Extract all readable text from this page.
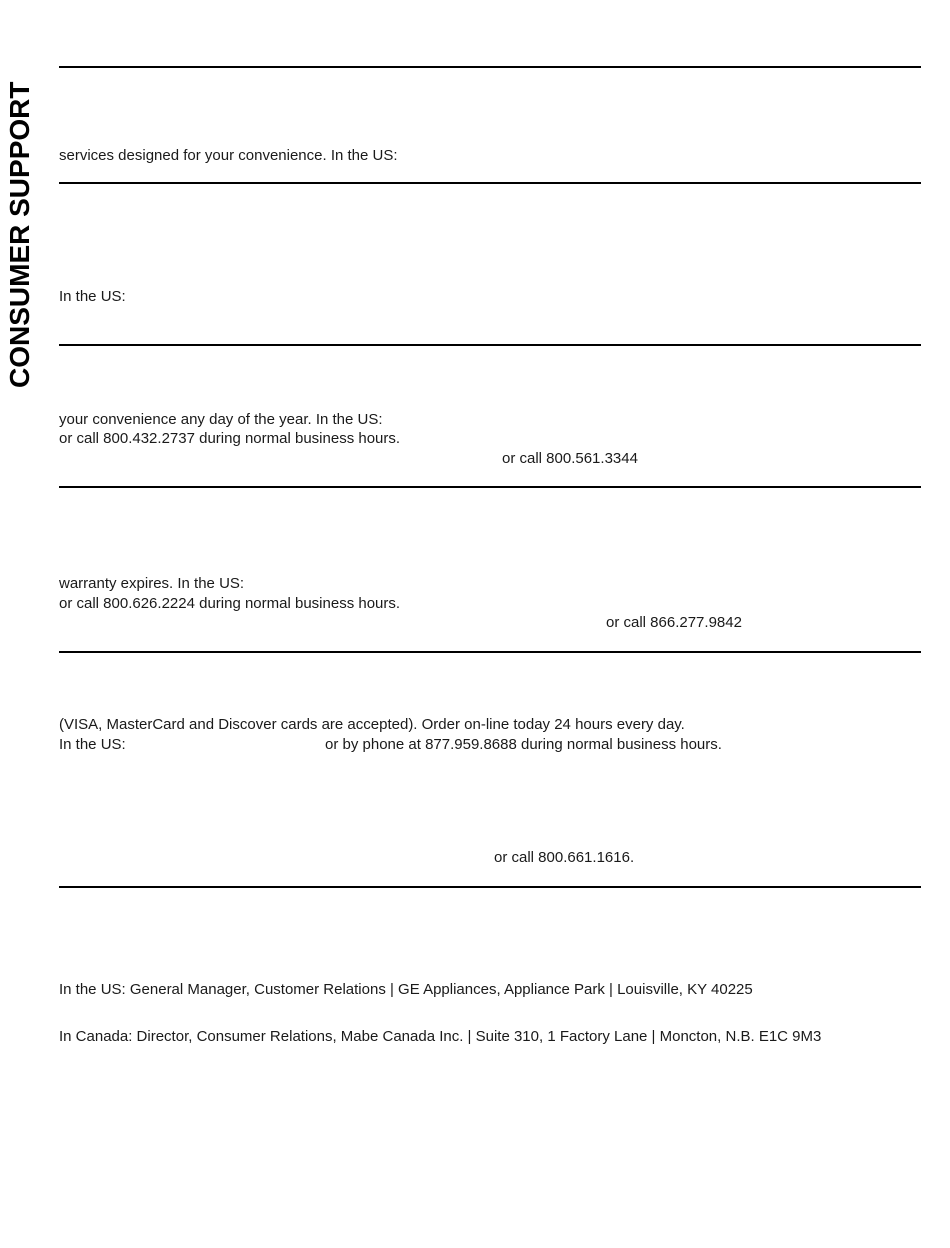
CONSUMER SUPPORT services designed for your convenience. In the US:
In the US:
your convenience any day of the year. In the US:
or call 800.432.2737 during normal business hours.
or call 800.561.3344
warranty expires. In the US:
or call 800.626.2224 during normal business hours.
or call 866.277.9842
(VISA, MasterCard and Discover cards are accepted). Order on-line today 24 hours every day.
In the US:	or by phone at 877.959.8688 during normal business hours.
or call 800.661.1616.
In the US: General Manager, Customer Relations | GE Appliances, Appliance Park | Louisville, KY 40225
In Canada: Director, Consumer Relations, Mabe Canada Inc. | Suite 310, 1 Factory Lane | Moncton, N.B. E1C 9M3
